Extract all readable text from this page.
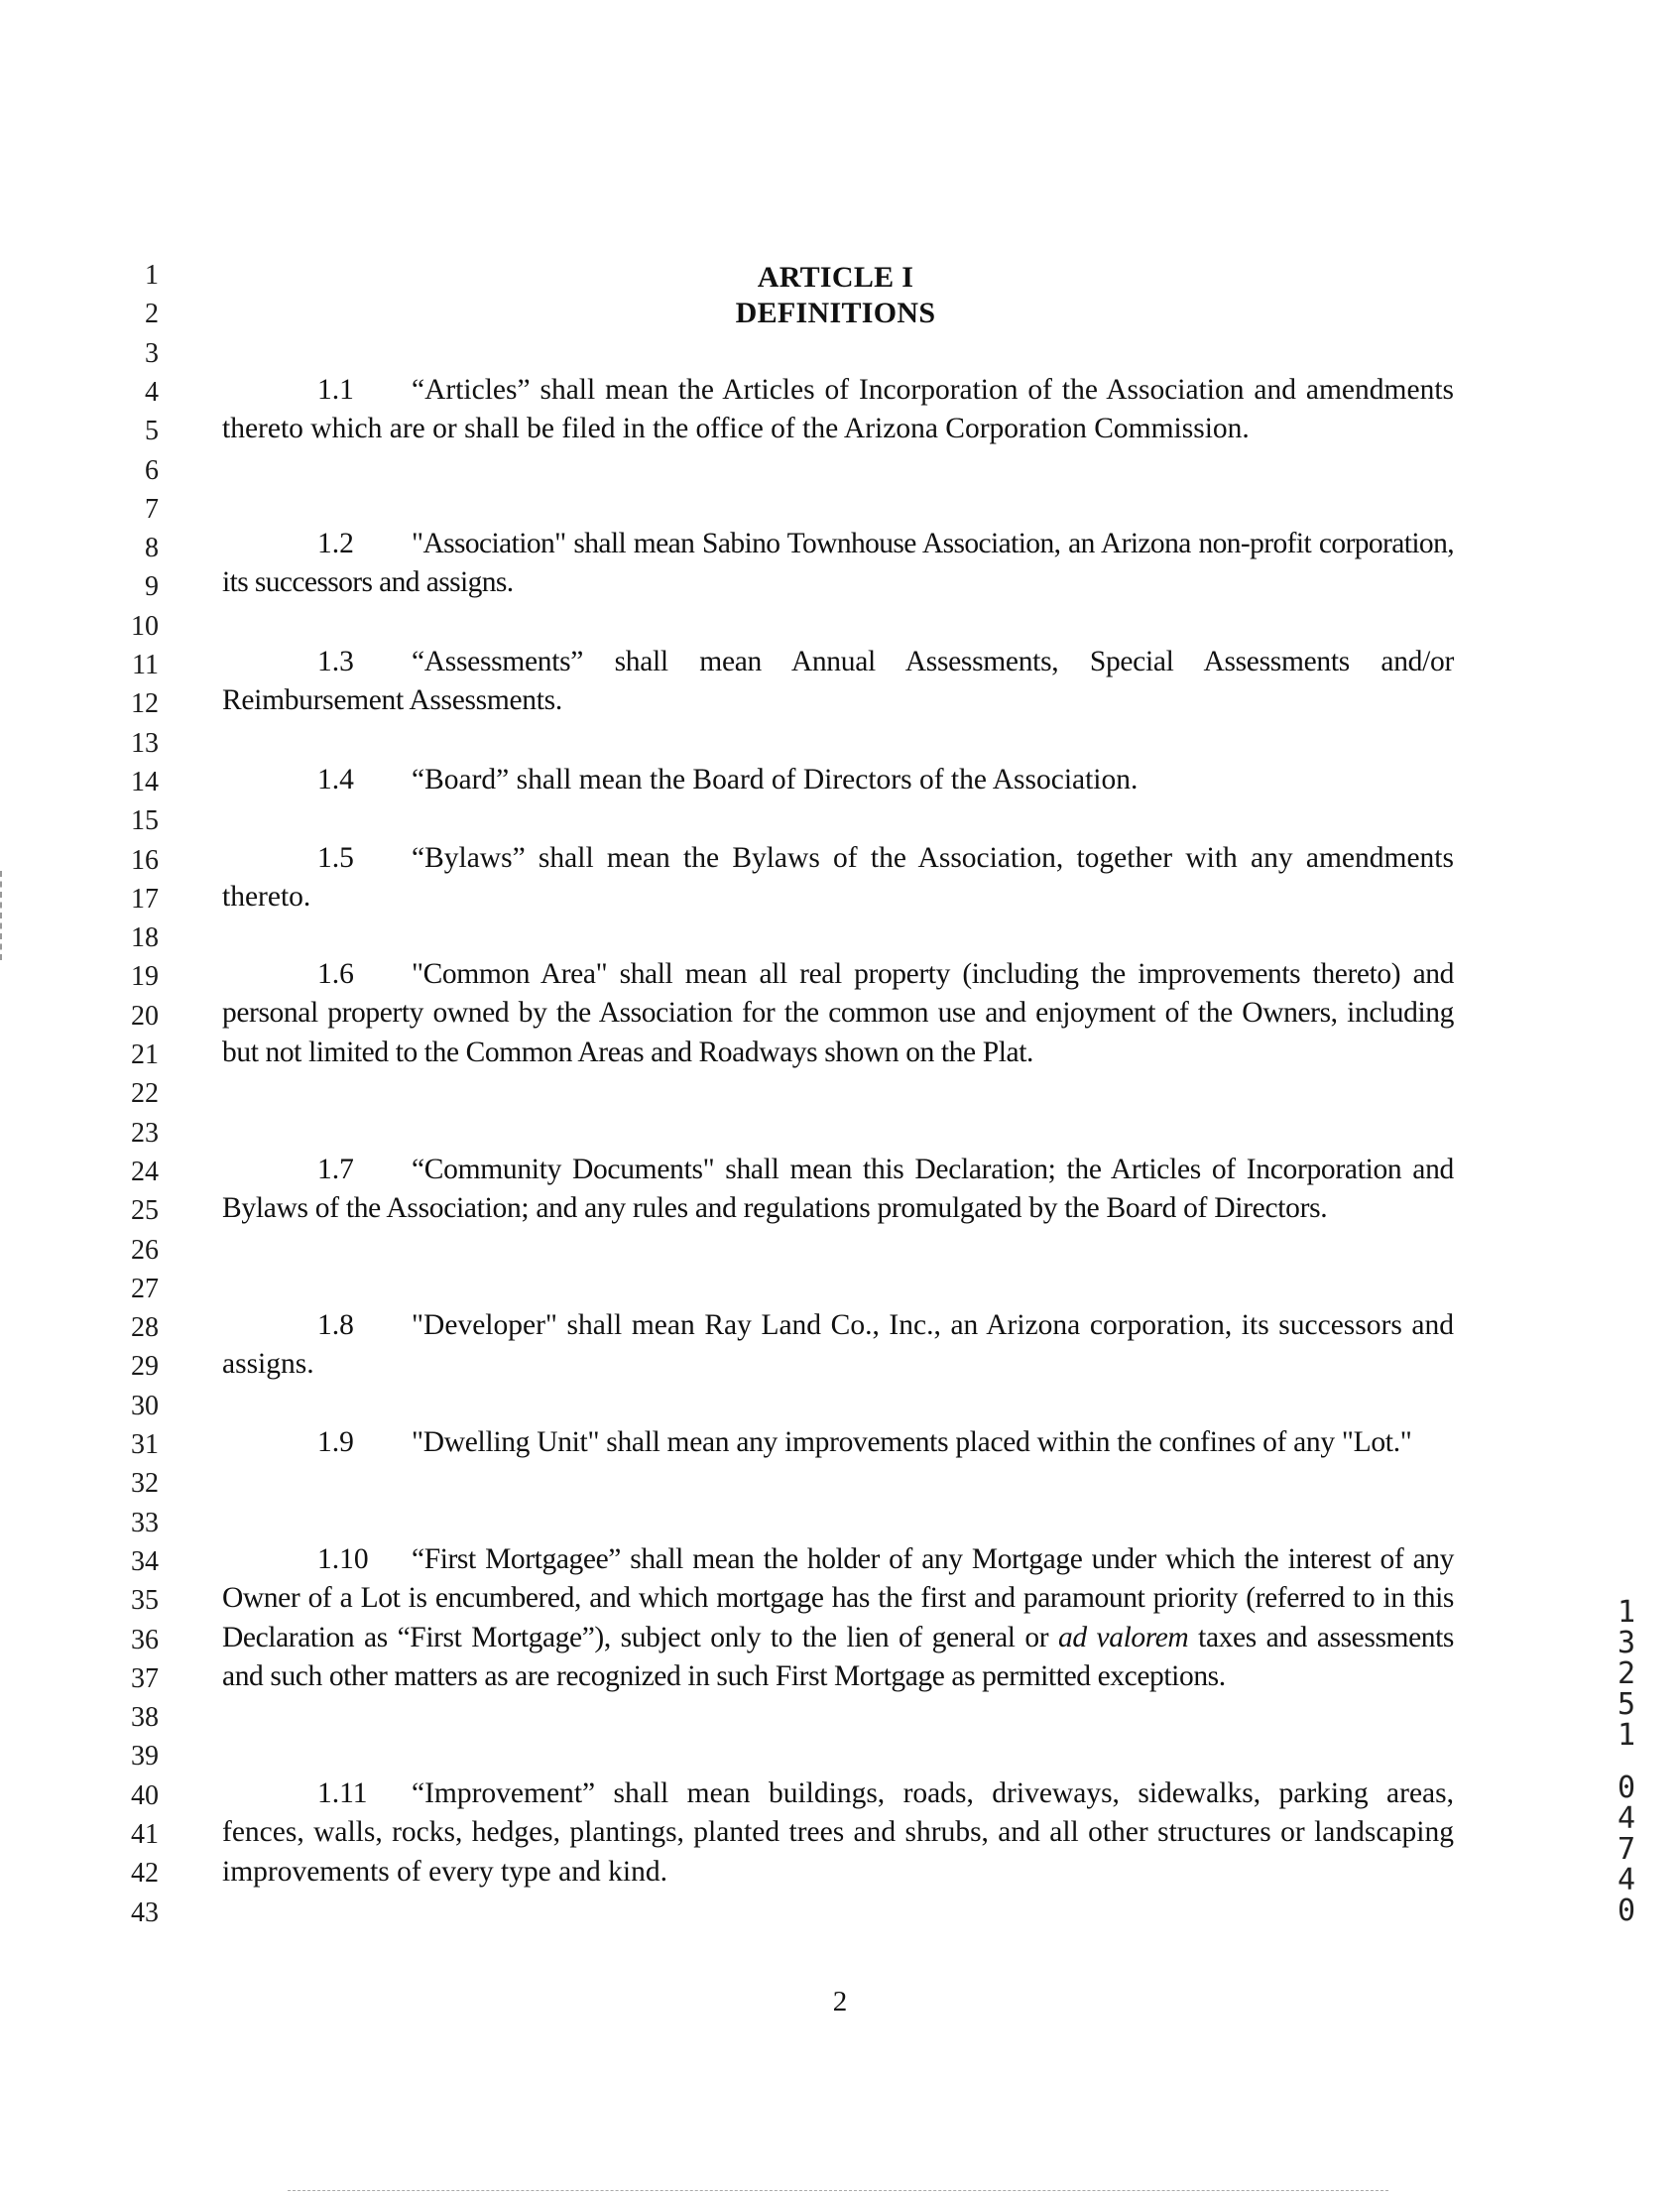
1
2
3
4
5
6
7
8
9
10
11
12
13
14
15
16
17
18
19
20
21
22
23
24
25
26
27
28
29
30
31
32
33
34
35
36
37
38
39
40
41
42
43
ARTICLE I
DEFINITIONS
1.1 “Articles” shall mean the Articles of Incorporation of the Association and amendments thereto which are or shall be filed in the office of the Arizona Corporation Commission.
1.2 "Association" shall mean Sabino Townhouse Association, an Arizona non-profit corporation, its successors and assigns.
1.3 “Assessments” shall mean Annual Assessments, Special Assessments and/or Reimbursement Assessments.
1.4 “Board” shall mean the Board of Directors of the Association.
1.5 “Bylaws” shall mean the Bylaws of the Association, together with any amendments thereto.
1.6 "Common Area" shall mean all real property (including the improvements thereto) and personal property owned by the Association for the common use and enjoyment of the Owners, including but not limited to the Common Areas and Roadways shown on the Plat.
1.7 “Community Documents" shall mean this Declaration; the Articles of Incorporation and Bylaws of the Association; and any rules and regulations promulgated by the Board of Directors.
1.8 "Developer" shall mean Ray Land Co., Inc., an Arizona corporation, its successors and assigns.
1.9 "Dwelling Unit" shall mean any improvements placed within the confines of any "Lot."
1.10 “First Mortgagee” shall mean the holder of any Mortgage under which the interest of any Owner of a Lot is encumbered, and which mortgage has the first and paramount priority (referred to in this Declaration as “First Mortgage”), subject only to the lien of general or ad valorem taxes and assessments and such other matters as are recognized in such First Mortgage as permitted exceptions.
1.11 “Improvement” shall mean buildings, roads, driveways, sidewalks, parking areas, fences, walls, rocks, hedges, plantings, planted trees and shrubs, and all other structures or landscaping improvements of every type and kind.
2
1
3
2
5
1
0
4
7
4
0
